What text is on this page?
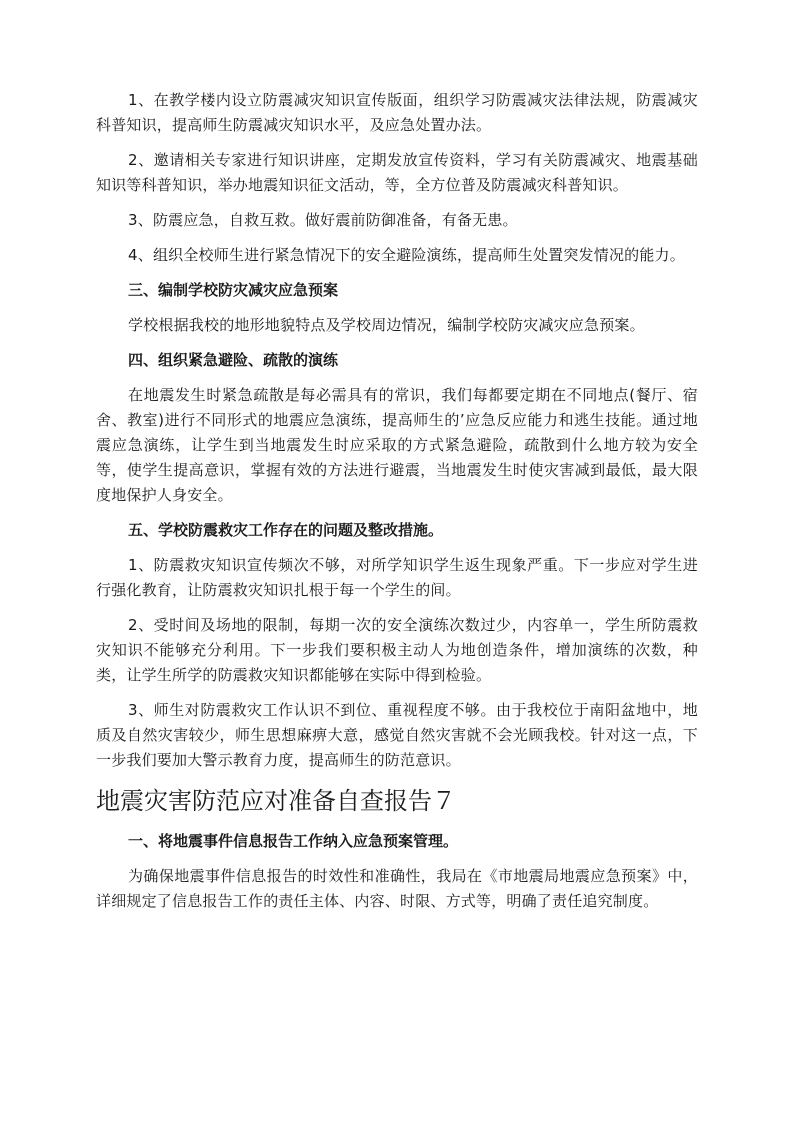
1、在教学楼内设立防震减灾知识宣传版面，组织学习防震减灾法律法规，防震减灾科普知识，提高师生防震减灾知识水平，及应急处置办法。

2、邀请相关专家进行知识讲座，定期发放宣传资料，学习有关防震减灾、地震基础知识等科普知识，举办地震知识征文活动，等，全方位普及防震减灾科普知识。

3、防震应急，自救互救。做好震前防御准备，有备无患。

4、组织全校师生进行紧急情况下的安全避险演练，提高师生处置突发情况的能力。

三、编制学校防灾减灾应急预案

学校根据我校的地形地貌特点及学校周边情况，编制学校防灾减灾应急预案。

四、组织紧急避险、疏散的演练

在地震发生时紧急疏散是每必需具有的常识，我们每都要定期在不同地点(餐厅、宿舍、教室)进行不同形式的地震应急演练，提高师生的’应急反应能力和逃生技能。通过地震应急演练，让学生到当地震发生时应采取的方式紧急避险，疏散到什么地方较为安全等，使学生提高意识，掌握有效的方法进行避震，当地震发生时使灾害减到最低，最大限度地保护人身安全。

五、学校防震救灾工作存在的问题及整改措施。

1、防震救灾知识宣传频次不够，对所学知识学生返生现象严重。下一步应对学生进行强化教育，让防震救灾知识扎根于每一个学生的间。

2、受时间及场地的限制，每期一次的安全演练次数过少，内容单一，学生所防震救灾知识不能够充分利用。下一步我们要积极主动人为地创造条件，增加演练的次数，种类，让学生所学的防震救灾知识都能够在实际中得到检验。

3、师生对防震救灾工作认识不到位、重视程度不够。由于我校位于南阳盆地中，地质及自然灾害较少，师生思想麻痹大意，感觉自然灾害就不会光顾我校。针对这一点，下一步我们要加大警示教育力度，提高师生的防范意识。

地震灾害防范应对准备自查报告７

一、将地震事件信息报告工作纳入应急预案管理。

为确保地震事件信息报告的时效性和准确性，我局在《市地震局地震应急预案》中，详细规定了信息报告工作的责任主体、内容、时限、方式等，明确了责任追究制度。
